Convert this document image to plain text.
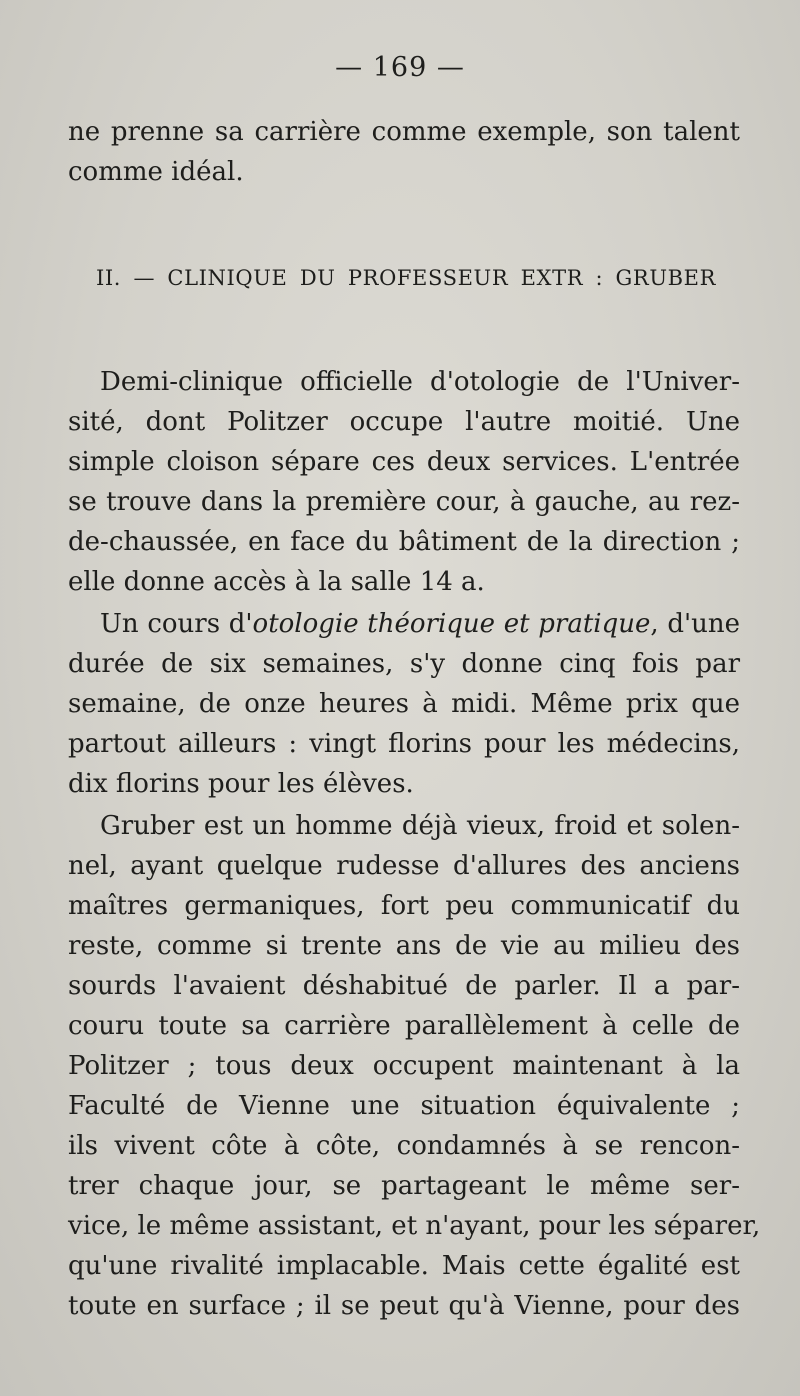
— 169 —
ne prenne sa carrière comme exemple, son talent
comme idéal.
II. — CLINIQUE DU PROFESSEUR EXTR : GRUBER
Demi-clinique officielle d'otologie de l'Univer-
sité, dont Politzer occupe l'autre moitié. Une
simple cloison sépare ces deux services. L'entrée
se trouve dans la première cour, à gauche, au rez-
de-chaussée, en face du bâtiment de la direction ;
elle donne accès à la salle 14 a.
Un cours d'otologie théorique et pratique, d'une
durée de six semaines, s'y donne cinq fois par
semaine, de onze heures à midi. Même prix que
partout ailleurs : vingt florins pour les médecins,
dix florins pour les élèves.
Gruber est un homme déjà vieux, froid et solen-
nel, ayant quelque rudesse d'allures des anciens
maîtres germaniques, fort peu communicatif du
reste, comme si trente ans de vie au milieu des
sourds l'avaient déshabitué de parler. Il a par-
couru toute sa carrière parallèlement à celle de
Politzer ; tous deux occupent maintenant à la
Faculté de Vienne une situation équivalente ;
ils vivent côte à côte, condamnés à se rencon-
trer chaque jour, se partageant le même ser-
vice, le même assistant, et n'ayant, pour les séparer,
qu'une rivalité implacable. Mais cette égalité est
toute en surface ; il se peut qu'à Vienne, pour des
